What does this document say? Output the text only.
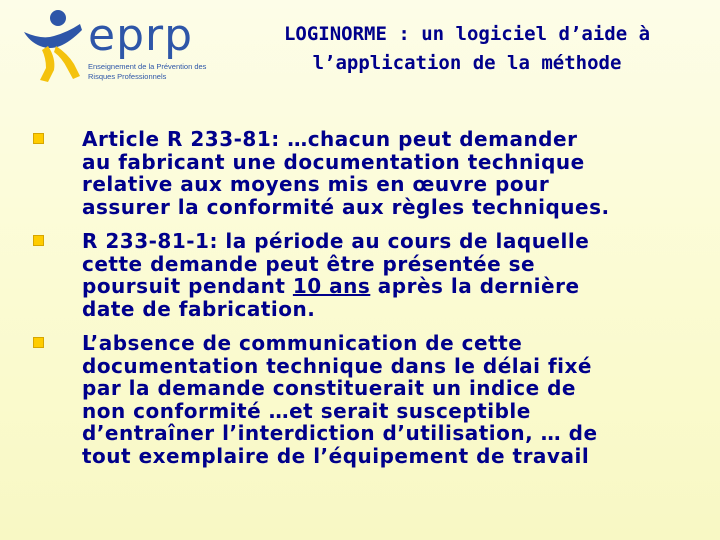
eprp
Enseignement de la Prévention des Risques Professionnels
LOGINORME : un logiciel d’aide à
l’application de la méthode
Article R 233-81: …chacun peut demander
au fabricant une documentation technique
relative aux moyens mis en œuvre pour
assurer la conformité aux règles techniques.
R 233-81-1: la période au cours de laquelle
cette demande peut être présentée se
poursuit pendant 10 ans après la dernière
date de fabrication.
L’absence de communication de cette
documentation technique dans le délai fixé
par la demande constituerait un indice de
non conformité …et serait susceptible
d’entraîner l’interdiction d’utilisation, … de
tout exemplaire de l’équipement de travail
